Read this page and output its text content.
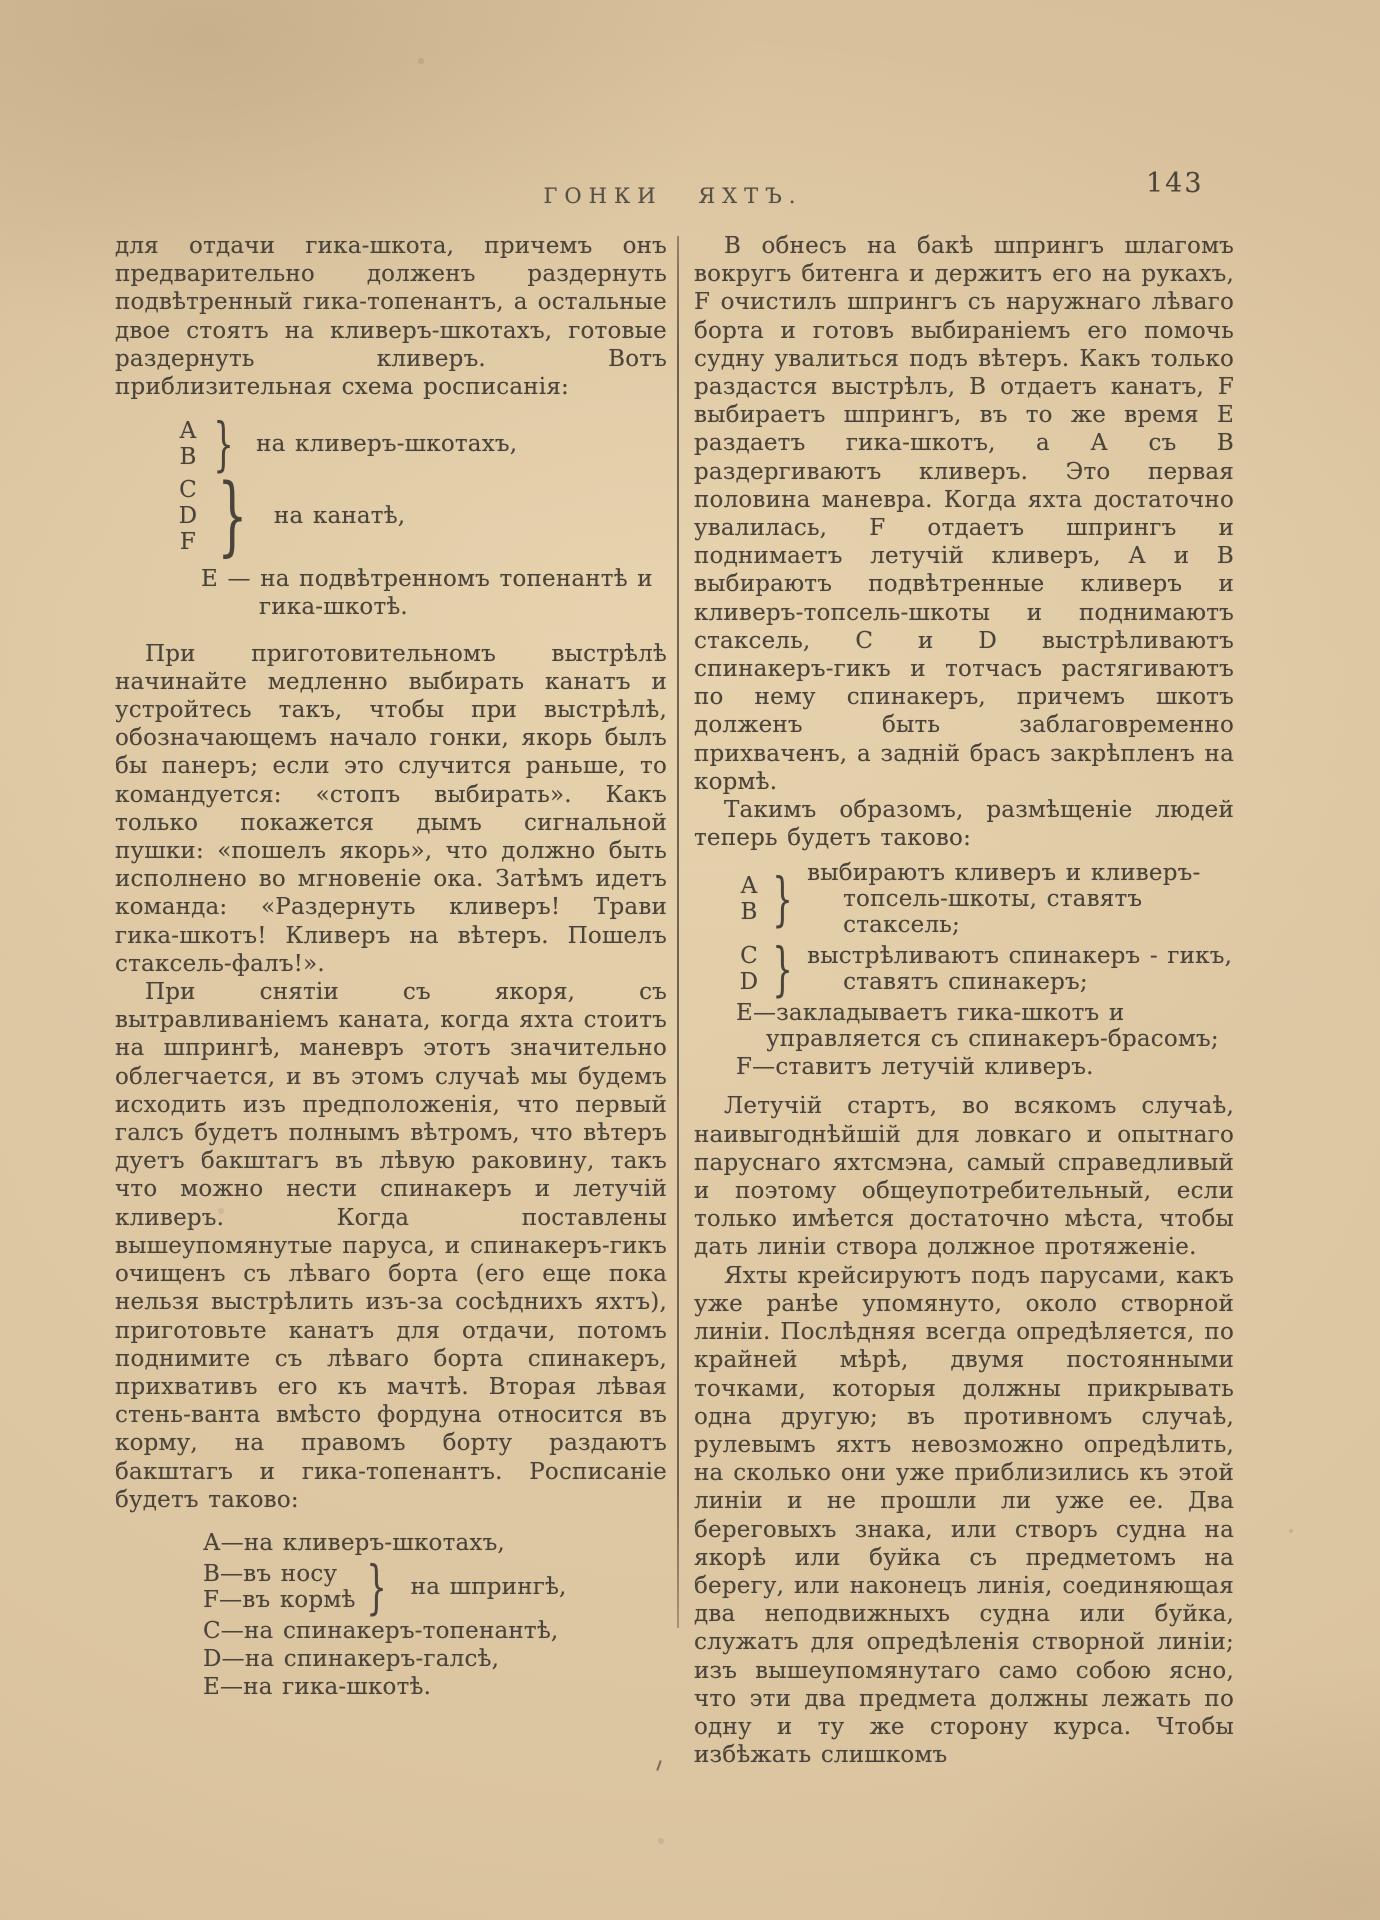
ГОНКИ ЯХТЪ.	143

для отдачи гика-шкота, причемъ онъ предварительно долженъ раздернуть подвѣтренный гика-топенантъ, а остальные двое стоятъ на кливеръ-шкотахъ, готовые раздернуть кливеръ. Вотъ приблизительная схема росписанія:

A
B
}
на кливеръ-шкотахъ,
C
D
F
}
на канатѣ,
Е — на подвѣтренномъ топенантѣ и гика-шкотѣ.

При приготовительномъ выстрѣлѣ начинайте медленно выбирать канатъ и устройтесь такъ, чтобы при выстрѣлѣ, обозначающемъ начало гонки, якорь былъ бы панеръ; если это случится раньше, то командуется: «стопъ выбирать». Какъ только покажется дымъ сигнальной пушки: «пошелъ якорь», что должно быть исполнено во мгновеніе ока. Затѣмъ идетъ команда: «Раздернуть кливеръ! Трави гика-шкотъ! Кливеръ на вѣтеръ. Пошелъ стаксель-фалъ!».

При снятіи съ якоря, съ вытравливаніемъ каната, когда яхта стоитъ на шпрингѣ, маневръ этотъ значительно облегчается, и въ этомъ случаѣ мы будемъ исходить изъ предположенія, что первый галсъ будетъ полнымъ вѣтромъ, что вѣтеръ дуетъ бакштагъ въ лѣвую раковину, такъ что можно нести спинакеръ и летучій кливеръ. Когда поставлены вышеупомянутые паруса, и спинакеръ-гикъ очищенъ съ лѣваго борта (его еще пока нельзя выстрѣлить изъ-за сосѣднихъ яхтъ), приготовьте канатъ для отдачи, потомъ поднимите съ лѣваго борта спинакеръ, прихвативъ его къ мачтѣ. Вторая лѣвая стень-ванта вмѣсто фордуна относится въ корму, на правомъ борту раздаютъ бакштагъ и гика-топенантъ. Росписаніе будетъ таково:

А—на кливеръ-шкотахъ,
В—въ носу
F—въ кормѣ } на шпрингѣ,
С—на спинакеръ-топенантѣ,
D—на спинакеръ-галсѣ,
Е—на гика-шкотѣ.

В обнесъ на бакѣ шпрингъ шлагомъ вокругъ битенга и держитъ его на рукахъ, F очистилъ шпрингъ съ наружнаго лѣваго борта и готовъ выбираніемъ его помочь судну увалиться подъ вѣтеръ. Какъ только раздастся выстрѣлъ, В отдаетъ канатъ, F выбираетъ шпрингъ, въ то же время Е раздаетъ гика-шкотъ, а А съ В раздергиваютъ кливеръ. Это первая половина маневра. Когда яхта достаточно увалилась, F отдаетъ шпрингъ и поднимаетъ летучій кливеръ, А и В выбираютъ подвѣтренные кливеръ и кливеръ-топсель-шкоты и поднимаютъ стаксель, С и D выстрѣливаютъ спинакеръ-гикъ и тотчасъ растягиваютъ по нему спинакеръ, причемъ шкотъ долженъ быть заблаговременно прихваченъ, а задній брасъ закрѣпленъ на кормѣ.

Такимъ образомъ, размѣщеніе людей теперь будетъ таково:

А
В
}
выбираютъ кливеръ и кливеръ-топсель-шкоты, ставятъ стаксель;
С
D
}
выстрѣливаютъ спинакеръ - гикъ, ставятъ спинакеръ;
Е—закладываетъ гика-шкотъ и управляется съ спинакеръ-брасомъ;
F—ставитъ летучій кливеръ.

Летучій стартъ, во всякомъ случаѣ, наивыгоднѣйшій для ловкаго и опытнаго паруснаго яхтсмэна, самый справедливый и поэтому общеупотребительный, если только имѣется достаточно мѣста, чтобы дать линіи створа должное протяженіе.

Яхты крейсируютъ подъ парусами, какъ уже ранѣе упомянуто, около створной линіи. Послѣдняя всегда опредѣляется, по крайней мѣрѣ, двумя постоянными точками, которыя должны прикрывать одна другую; въ противномъ случаѣ, рулевымъ яхтъ невозможно опредѣлить, на сколько они уже приблизились къ этой линіи и не прошли ли уже ее. Два береговыхъ знака, или створъ судна на якорѣ или буйка съ предметомъ на берегу, или наконецъ линія, соединяющая два неподвижныхъ судна или буйка, служатъ для опредѣленія створной линіи; изъ вышеупомянутаго само собою ясно, что эти два предмета должны лежать по одну и ту же сторону курса. Чтобы избѣжать слишкомъ
